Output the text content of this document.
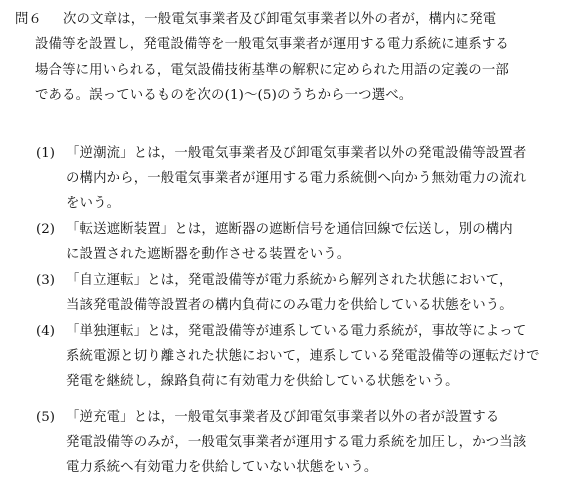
問６ 次の文章は，一般電気事業者及び卸電気事業者以外の者が，構内に発電
設備等を設置し，発電設備等を一般電気事業者が運用する電力系統に連系する
場合等に用いられる，電気設備技術基準の解釈に定められた用語の定義の一部
である。誤っているものを次の(1)～(5)のうちから一つ選べ。
(1) 「逆潮流」とは，一般電気事業者及び卸電気事業者以外の発電設備等設置者
の構内から，一般電気事業者が運用する電力系統側へ向かう無効電力の流れ
をいう。
(2) 「転送遮断装置」とは，遮断器の遮断信号を通信回線で伝送し，別の構内
に設置された遮断器を動作させる装置をいう。
(3) 「自立運転」とは，発電設備等が電力系統から解列された状態において，
当該発電設備等設置者の構内負荷にのみ電力を供給している状態をいう。
(4) 「単独運転」とは，発電設備等が連系している電力系統が，事故等によって
系統電源と切り離された状態において，連系している発電設備等の運転だけで
発電を継続し，線路負荷に有効電力を供給している状態をいう。
(5) 「逆充電」とは，一般電気事業者及び卸電気事業者以外の者が設置する
発電設備等のみが，一般電気事業者が運用する電力系統を加圧し，かつ当該
電力系統へ有効電力を供給していない状態をいう。
